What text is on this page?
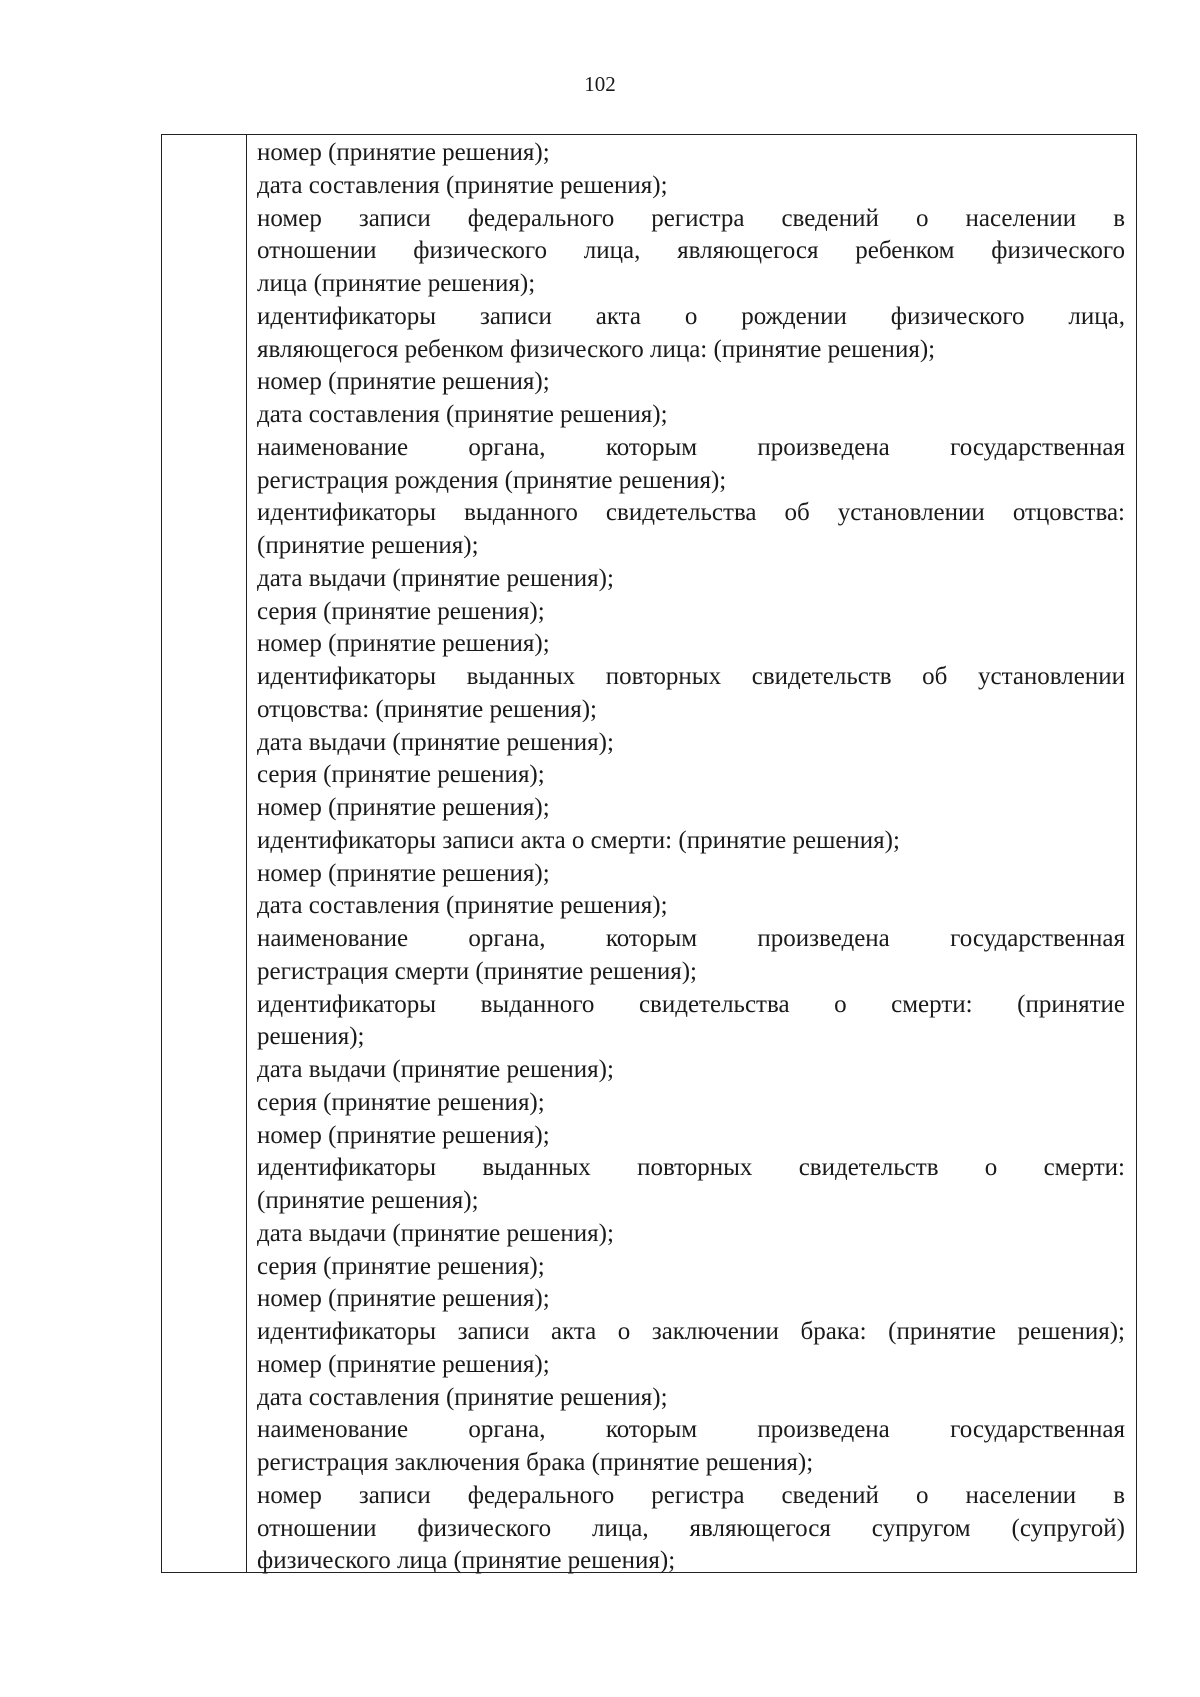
102
номер (принятие решения);
дата составления (принятие решения);
номер записи федерального регистра сведений о населении в
отношении физического лица, являющегося ребенком физического
лица (принятие решения);
идентификаторы записи акта о рождении физического лица,
являющегося ребенком физического лица: (принятие решения);
номер (принятие решения);
дата составления (принятие решения);
наименование органа, которым произведена государственная
регистрация рождения (принятие решения);
идентификаторы выданного свидетельства об установлении отцовства:
(принятие решения);
дата выдачи (принятие решения);
серия (принятие решения);
номер (принятие решения);
идентификаторы выданных повторных свидетельств об установлении
отцовства: (принятие решения);
дата выдачи (принятие решения);
серия (принятие решения);
номер (принятие решения);
идентификаторы записи акта о смерти: (принятие решения);
номер (принятие решения);
дата составления (принятие решения);
наименование органа, которым произведена государственная
регистрация смерти (принятие решения);
идентификаторы выданного свидетельства о смерти: (принятие
решения);
дата выдачи (принятие решения);
серия (принятие решения);
номер (принятие решения);
идентификаторы выданных повторных свидетельств о смерти:
(принятие решения);
дата выдачи (принятие решения);
серия (принятие решения);
номер (принятие решения);
идентификаторы записи акта о заключении брака: (принятие решения);
номер (принятие решения);
дата составления (принятие решения);
наименование органа, которым произведена государственная
регистрация заключения брака (принятие решения);
номер записи федерального регистра сведений о населении в
отношении физического лица, являющегося супругом (супругой)
физического лица (принятие решения);
